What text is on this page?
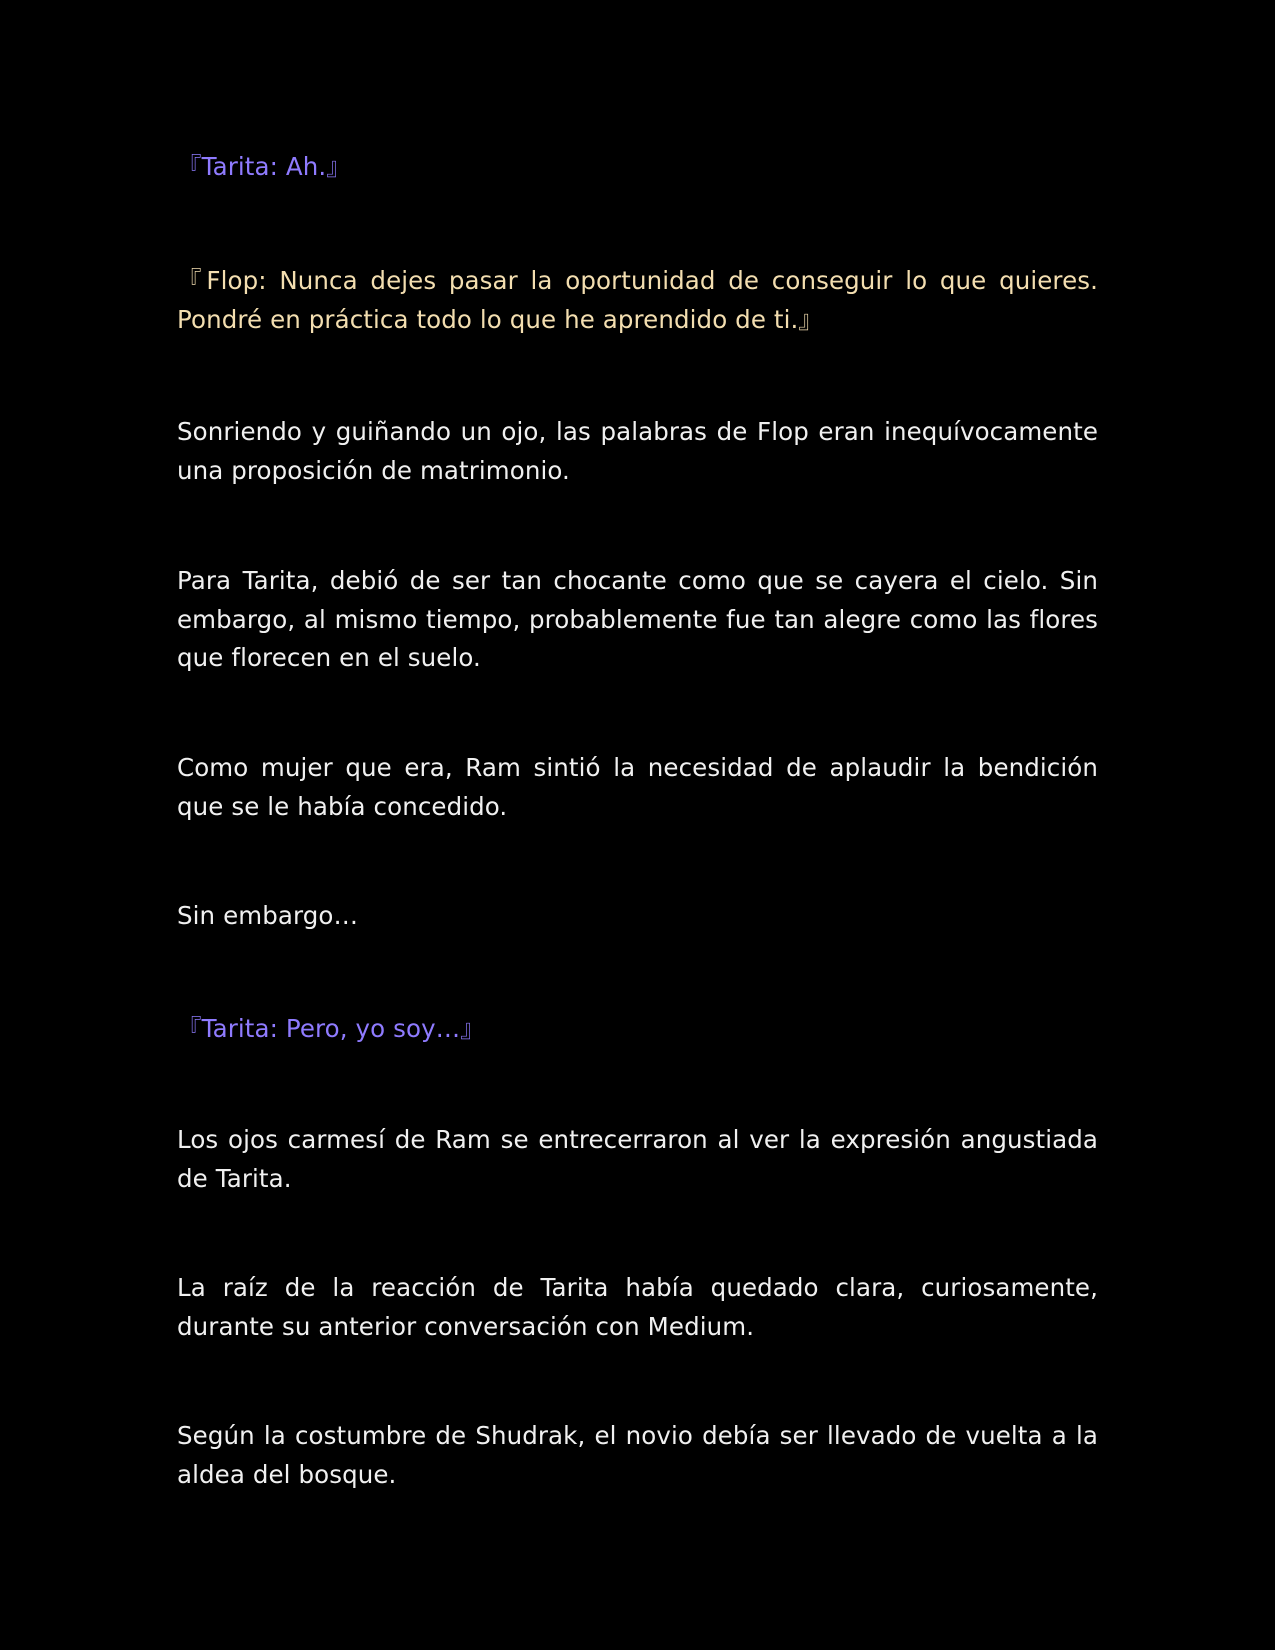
『Tarita: Ah.』

『Flop: Nunca dejes pasar la oportunidad de conseguir lo que quieres. Pondré en práctica todo lo que he aprendido de ti.』

Sonriendo y guiñando un ojo, las palabras de Flop eran inequívocamente una proposición de matrimonio.

Para Tarita, debió de ser tan chocante como que se cayera el cielo. Sin embargo, al mismo tiempo, probablemente fue tan alegre como las flores que florecen en el suelo.

Como mujer que era, Ram sintió la necesidad de aplaudir la bendición que se le había concedido.

Sin embargo…

『Tarita: Pero, yo soy…』

Los ojos carmesí de Ram se entrecerraron al ver la expresión angustiada de Tarita.

La raíz de la reacción de Tarita había quedado clara, curiosamente, durante su anterior conversación con Medium.

Según la costumbre de Shudrak, el novio debía ser llevado de vuelta a la aldea del bosque.
